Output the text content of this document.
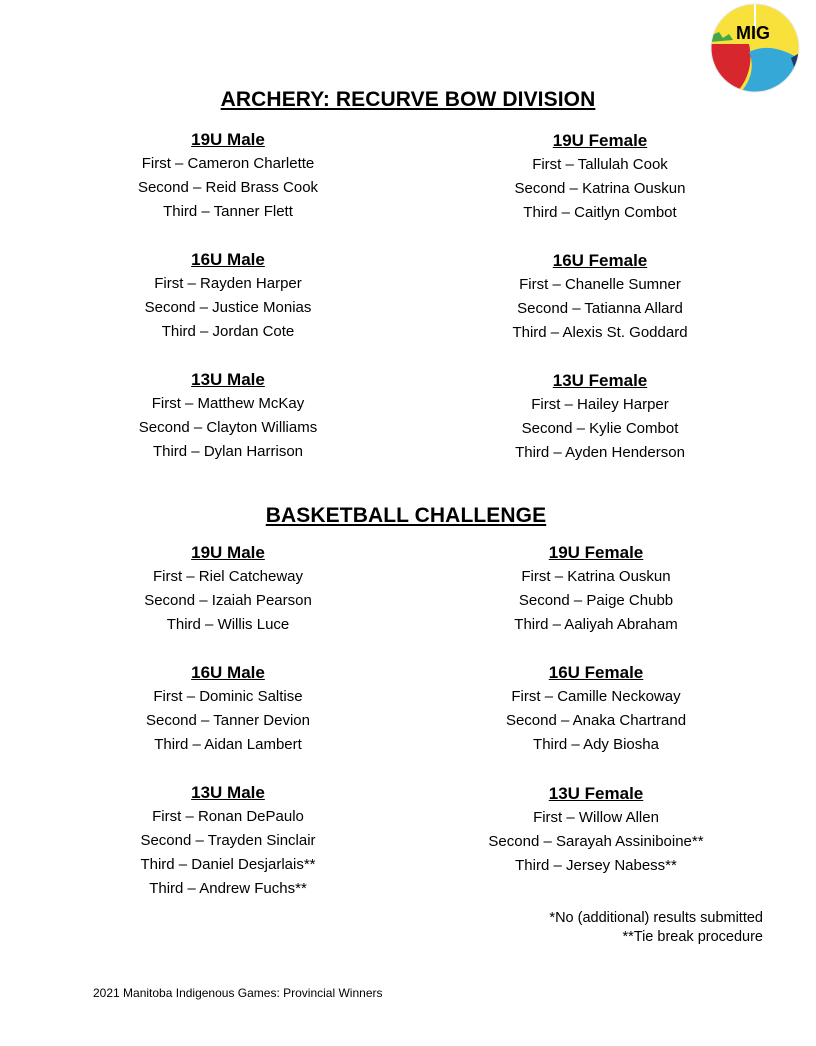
MIG
ARCHERY: RECURVE BOW DIVISION
19U Male
First – Cameron Charlette
Second – Reid Brass Cook
Third – Tanner Flett
16U Male
First – Rayden Harper
Second – Justice Monias
Third – Jordan Cote
13U Male
First – Matthew McKay
Second – Clayton Williams
Third – Dylan Harrison
19U Female
First – Tallulah Cook
Second – Katrina Ouskun
Third – Caitlyn Combot
16U Female
First – Chanelle Sumner
Second – Tatianna Allard
Third – Alexis St. Goddard
13U Female
First – Hailey Harper
Second – Kylie Combot
Third – Ayden Henderson
BASKETBALL CHALLENGE
19U Male
First – Riel Catcheway
Second – Izaiah Pearson
Third – Willis Luce
16U Male
First – Dominic Saltise
Second – Tanner Devion
Third – Aidan Lambert
13U Male
First – Ronan DePaulo
Second – Trayden Sinclair
Third – Daniel Desjarlais**
Third – Andrew Fuchs**
19U Female
First – Katrina Ouskun
Second – Paige Chubb
Third – Aaliyah Abraham
16U Female
First – Camille Neckoway
Second – Anaka Chartrand
Third – Ady Biosha
13U Female
First – Willow Allen
Second – Sarayah Assiniboine**
Third – Jersey Nabess**
*No (additional) results submitted
**Tie break procedure
2021 Manitoba Indigenous Games: Provincial Winners
